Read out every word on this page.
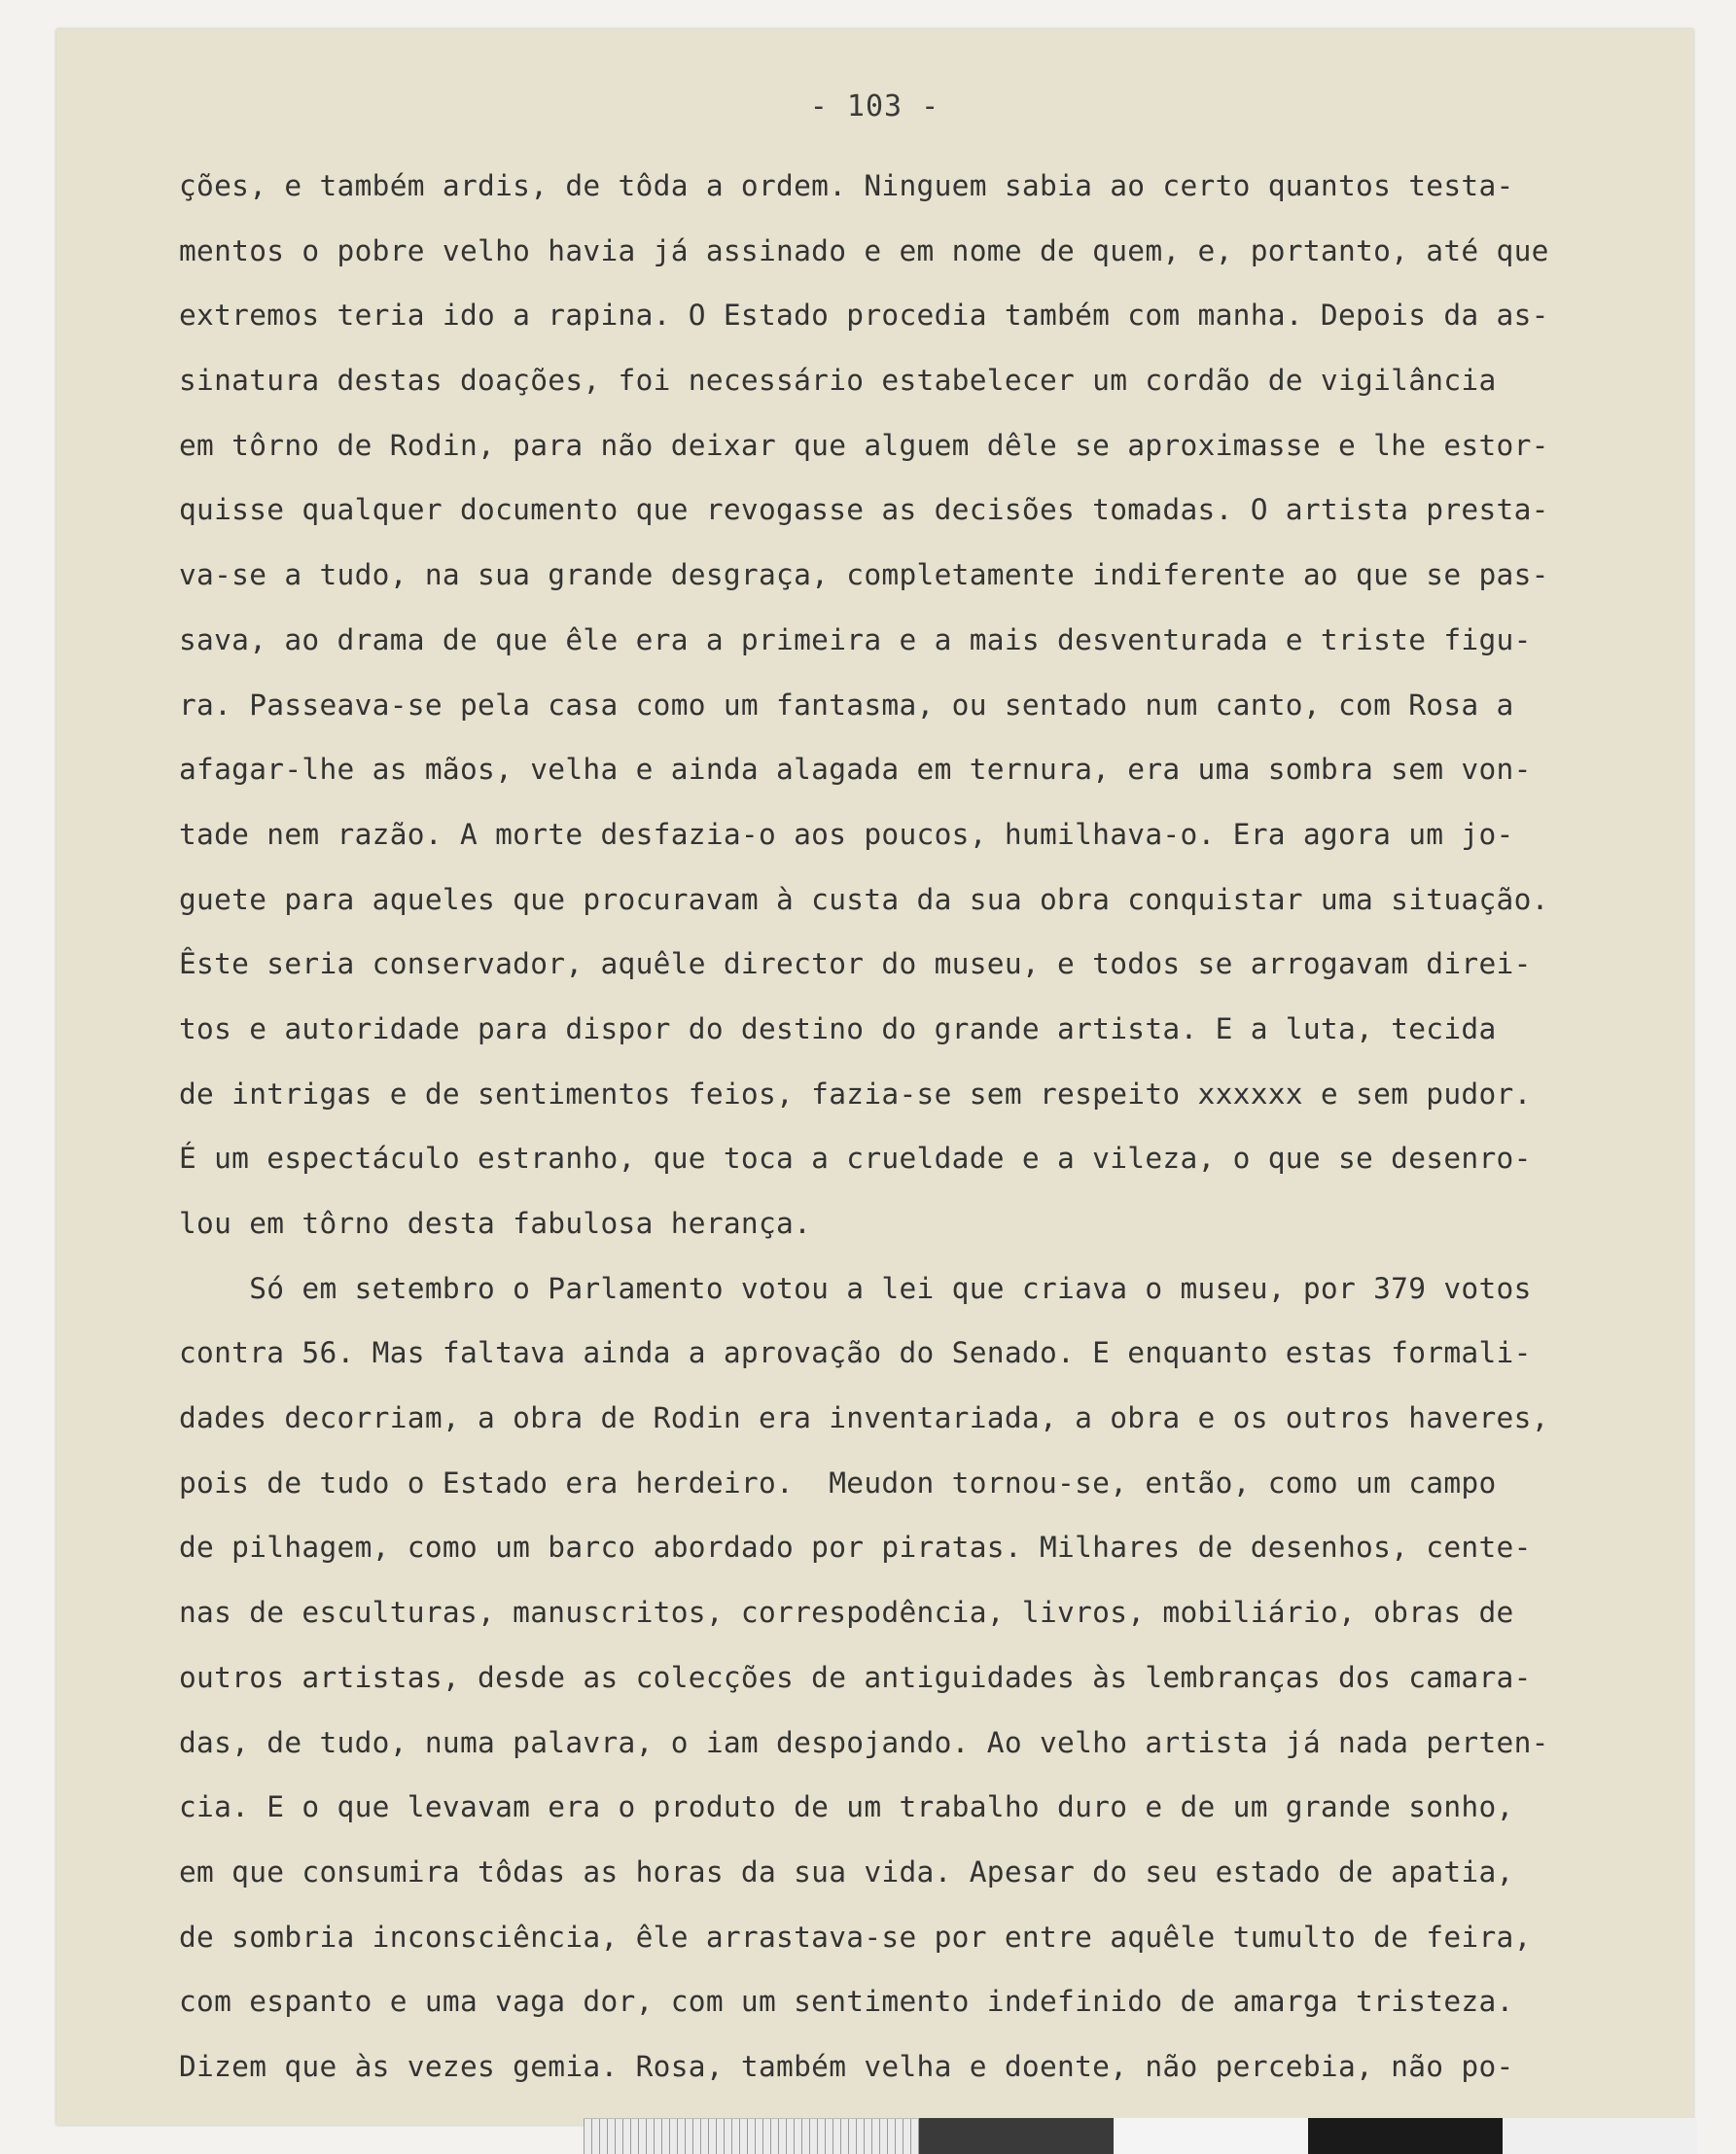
- 103 -
ções, e também ardis, de tôda a ordem. Ninguem sabia ao certo quantos testa-
mentos o pobre velho havia já assinado e em nome de quem, e, portanto, até que
extremos teria ido a rapina. O Estado procedia também com manha. Depois da as-
sinatura destas doações, foi necessário estabelecer um cordão de vigilância
em tôrno de Rodin, para não deixar que alguem dêle se aproximasse e lhe estor-
quisse qualquer documento que revogasse as decisões tomadas. O artista presta-
va-se a tudo, na sua grande desgraça, completamente indiferente ao que se pas-
sava, ao drama de que êle era a primeira e a mais desventurada e triste figu-
ra. Passeava-se pela casa como um fantasma, ou sentado num canto, com Rosa a
afagar-lhe as mãos, velha e ainda alagada em ternura, era uma sombra sem von-
tade nem razão. A morte desfazia-o aos poucos, humilhava-o. Era agora um jo-
guete para aqueles que procuravam à custa da sua obra conquistar uma situação.
Êste seria conservador, aquêle director do museu, e todos se arrogavam direi-
tos e autoridade para dispor do destino do grande artista. E a luta, tecida
de intrigas e de sentimentos feios, fazia-se sem respeito xxxxxx e sem pudor.
É um espectáculo estranho, que toca a crueldade e a vileza, o que se desenro-
lou em tôrno desta fabulosa herança.
Só em setembro o Parlamento votou a lei que criava o museu, por 379 votos
contra 56. Mas faltava ainda a aprovação do Senado. E enquanto estas formali-
dades decorriam, a obra de Rodin era inventariada, a obra e os outros haveres,
pois de tudo o Estado era herdeiro.  Meudon tornou-se, então, como um campo
de pilhagem, como um barco abordado por piratas. Milhares de desenhos, cente-
nas de esculturas, manuscritos, correspodência, livros, mobiliário, obras de
outros artistas, desde as colecções de antiguidades às lembranças dos camara-
das, de tudo, numa palavra, o iam despojando. Ao velho artista já nada perten-
cia. E o que levavam era o produto de um trabalho duro e de um grande sonho,
em que consumira tôdas as horas da sua vida. Apesar do seu estado de apatia,
de sombria inconsciência, êle arrastava-se por entre aquêle tumulto de feira,
com espanto e uma vaga dor, com um sentimento indefinido de amarga tristeza.
Dizem que às vezes gemia. Rosa, também velha e doente, não percebia, não po-
